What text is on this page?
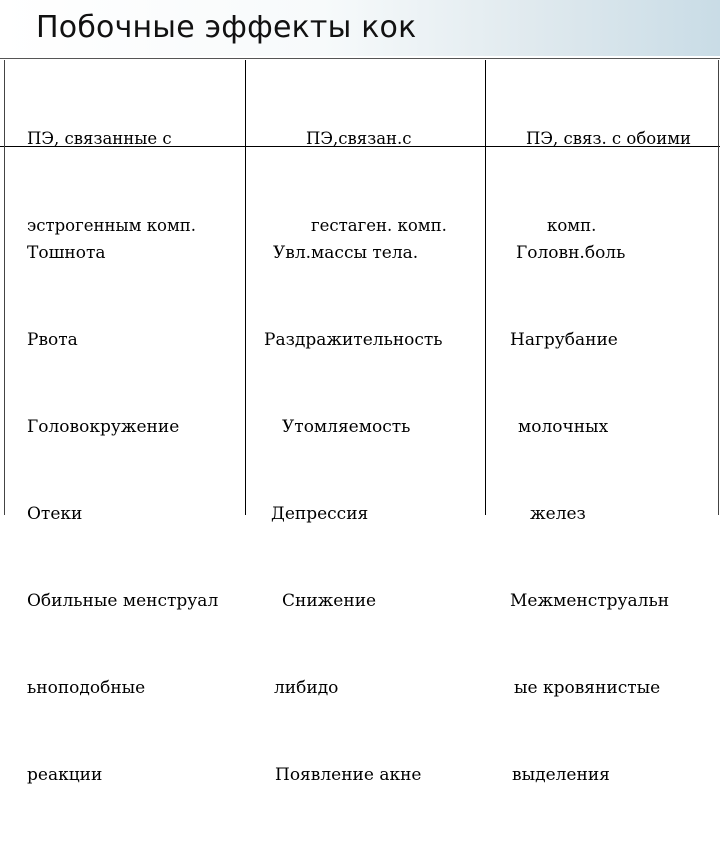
Побочные эффекты кок

ПЭ, связанные с

эстрогенным комп.

ПЭ,связан.с

гестаген. комп.

ПЭ, связ. с обоими

комп.

Тошнота

Рвота

Головокружение

Отеки

Обильные менструал

ьноподобные

реакции

Увл.массы тела.

Раздражительность

Утомляемость

Депрессия

Снижение

либидо

Появление акне

Головн.боль

Нагрубание

молочных

желез

Межменструальн

ые кровянистые

выделения
